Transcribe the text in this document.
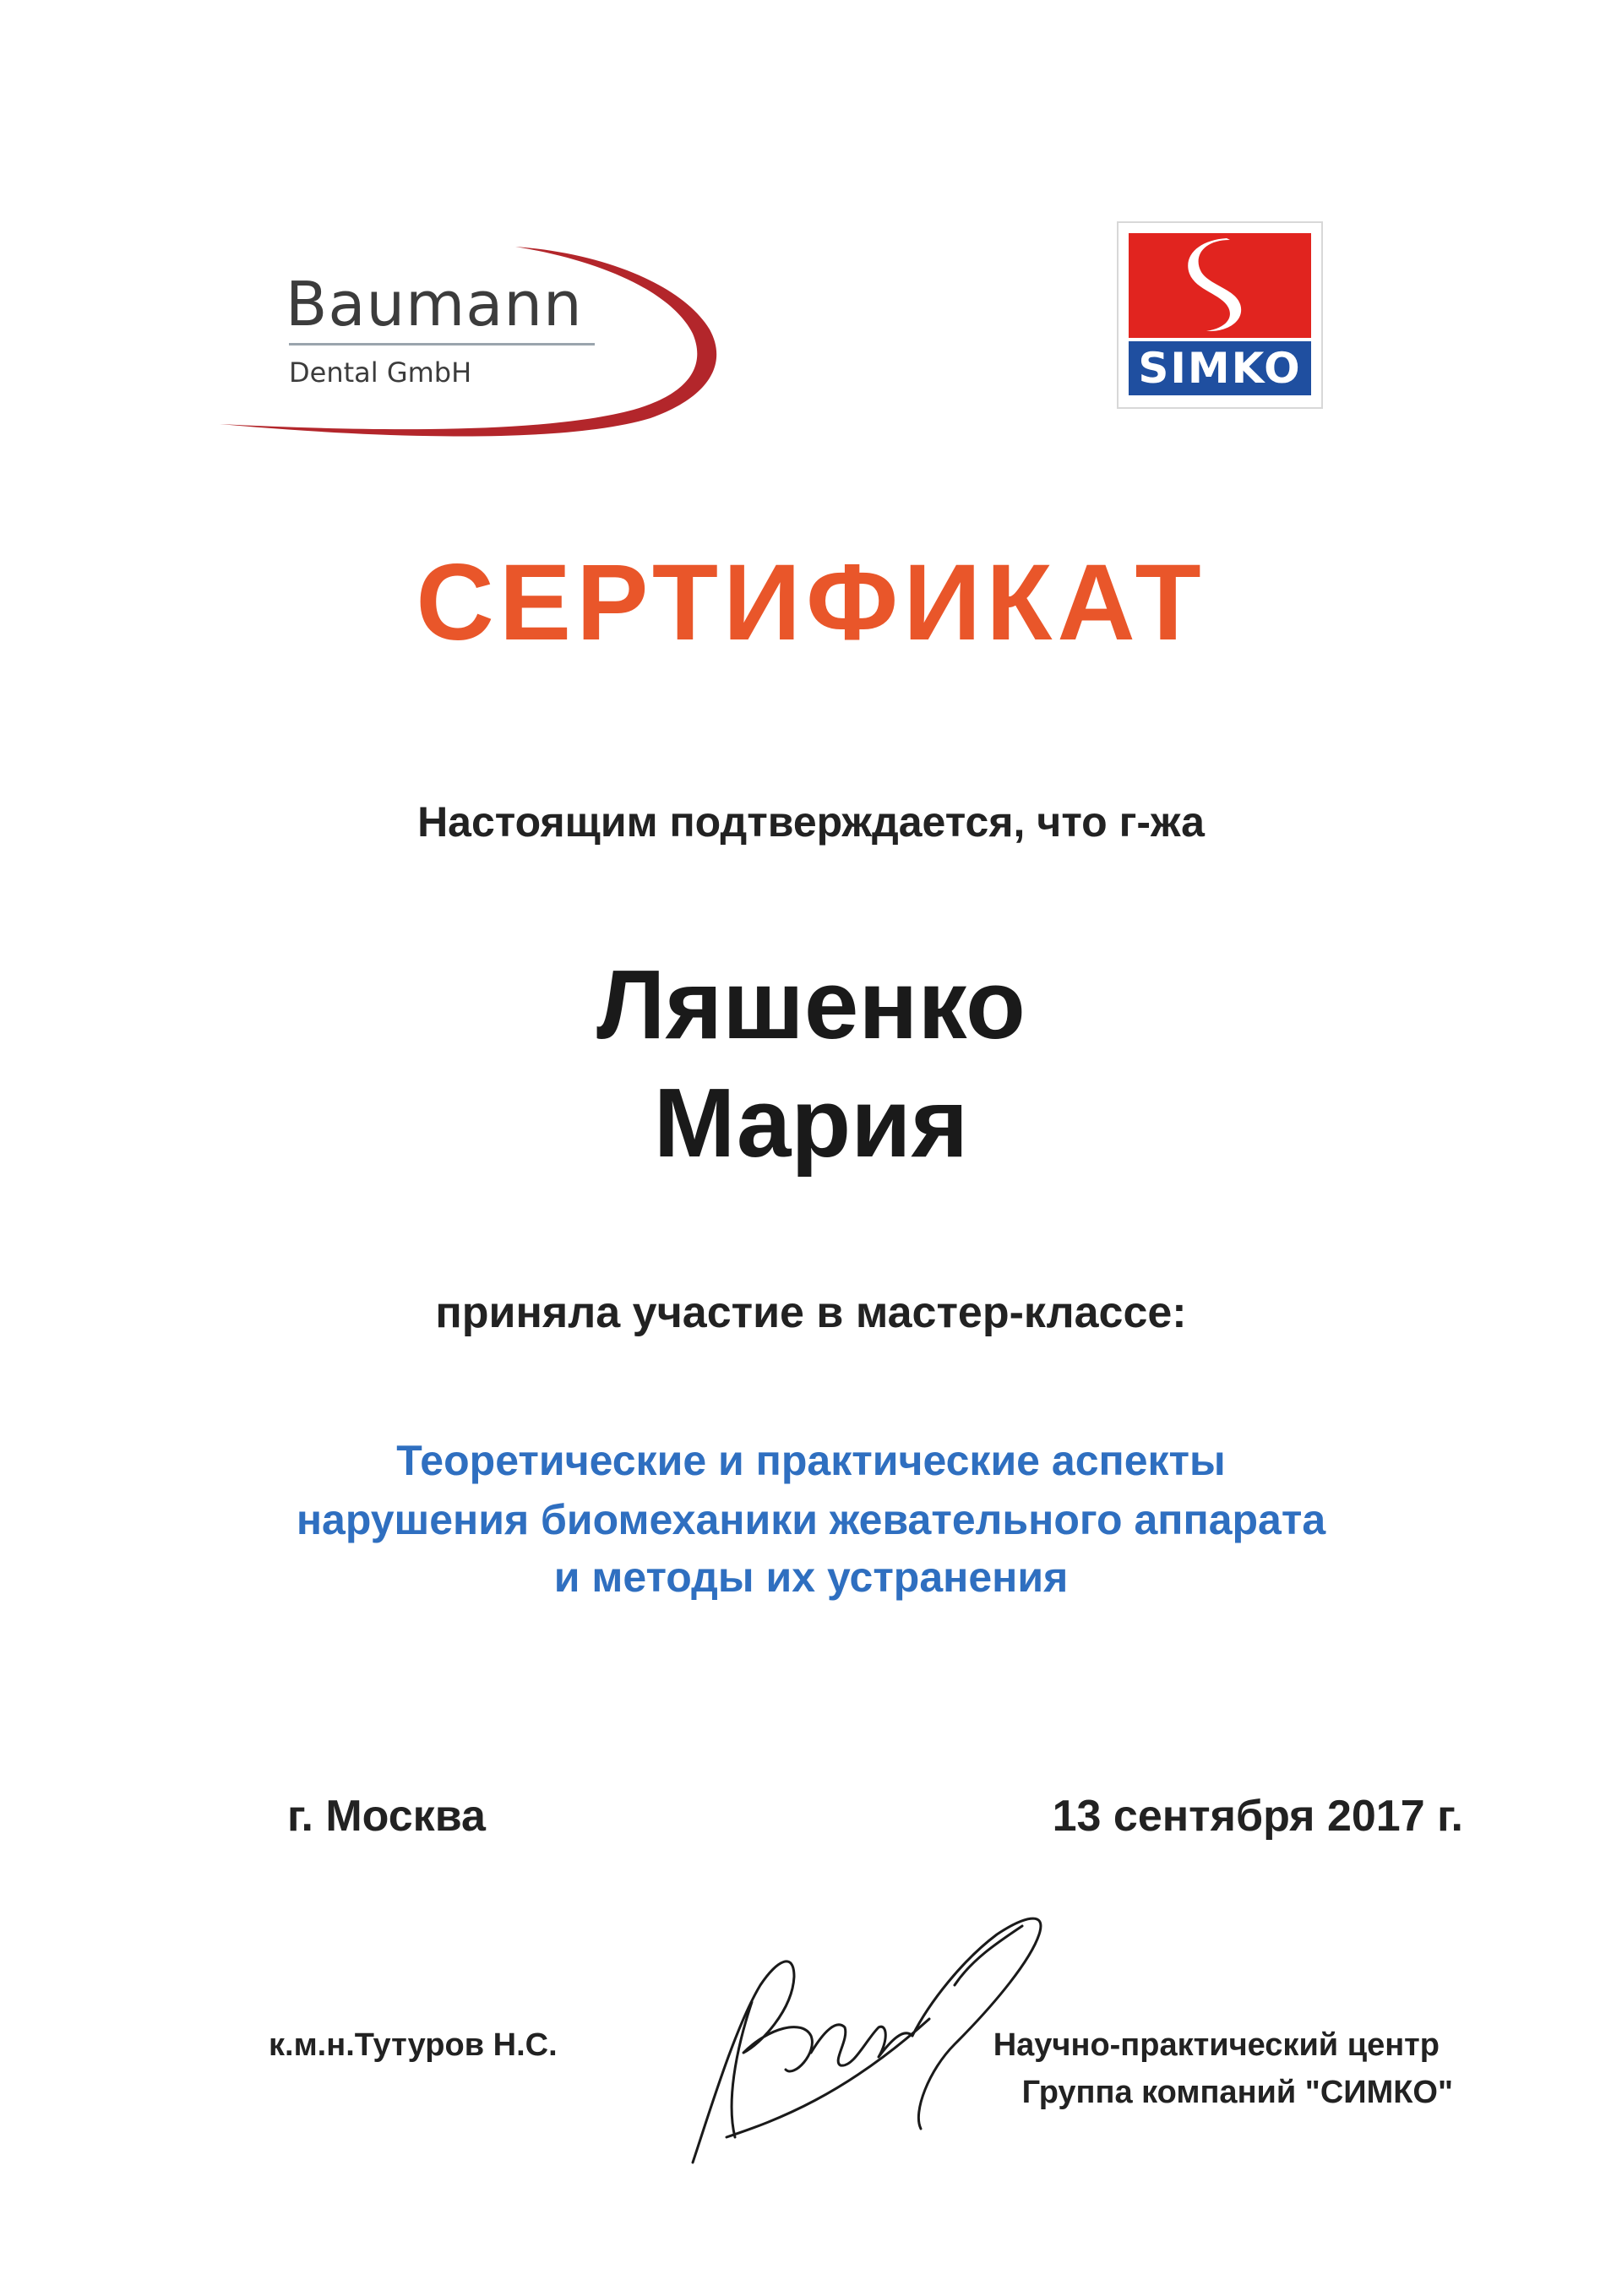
Baumann
Dental GmbH	SIMKO
СЕРТИФИКАТ
Настоящим подтверждается, что г-жа
Ляшенко
Мария
приняла участие в мастер-классе:
Теоретические и практические аспекты
нарушения биомеханики жевательного аппарата
и методы их устранения
г. Москва	13 сентября 2017 г.
к.м.н.Тутуров Н.С.	Научно-практический центр
Группа компаний "СИМКО"
